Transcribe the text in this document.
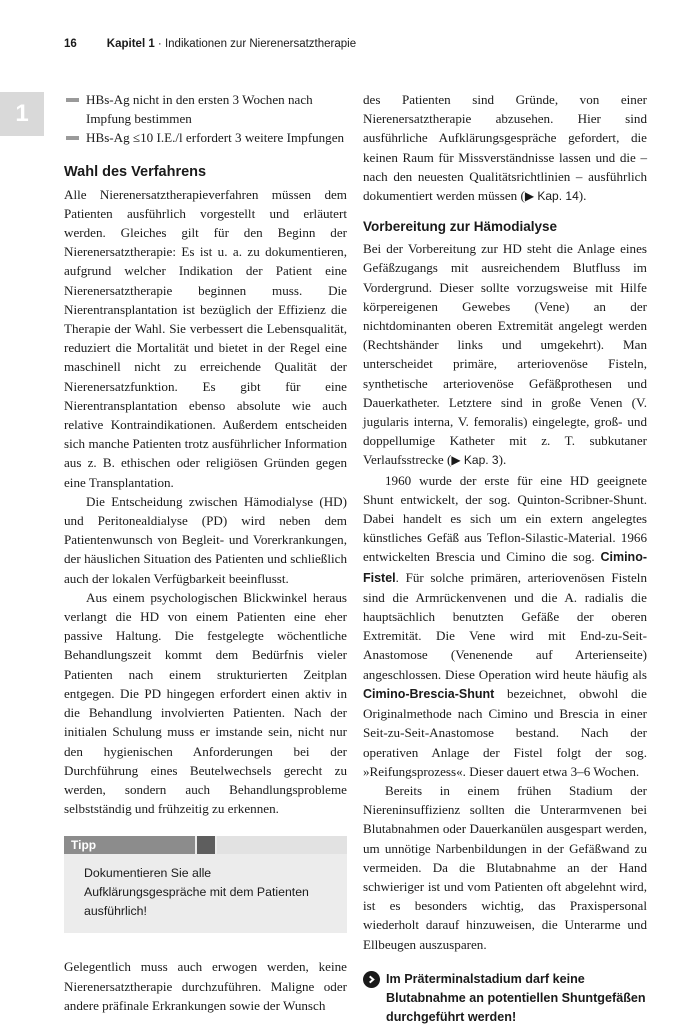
16	Kapitel 1 · Indikationen zur Nierenersatztherapie
1
HBs-Ag nicht in den ersten 3 Wochen nach Impfung bestimmen
HBs-Ag ≤10 I.E./l erfordert 3 weitere Impfungen
Wahl des Verfahrens

Alle Nierenersatztherapieverfahren müssen dem Patienten ausführlich vorgestellt und erläutert werden. Gleiches gilt für den Beginn der Nierenersatztherapie: Es ist u. a. zu dokumentieren, aufgrund welcher Indikation der Patient eine Nierenersatztherapie beginnen muss. Die Nierentransplantation ist bezüglich der Effizienz die Therapie der Wahl. Sie verbessert die Lebensqualität, reduziert die Mortalität und bietet in der Regel eine maschinell nicht zu erreichende Qualität der Nierenersatzfunktion. Es gibt für eine Nierentransplantation ebenso absolute wie auch relative Kontraindikationen. Außerdem entscheiden sich manche Patienten trotz ausführlicher Information aus z. B. ethischen oder religiösen Gründen gegen eine Transplantation.

Die Entscheidung zwischen Hämodialyse (HD) und Peritonealdialyse (PD) wird neben dem Patientenwunsch von Begleit- und Vorerkrankungen, der häuslichen Situation des Patienten und schließlich auch der lokalen Verfügbarkeit beeinflusst.

Aus einem psychologischen Blickwinkel heraus verlangt die HD von einem Patienten eine eher passive Haltung. Die festgelegte wöchentliche Behandlungszeit kommt dem Bedürfnis vieler Patienten nach einem strukturierten Zeitplan entgegen. Die PD hingegen erfordert einen aktiv in die Behandlung involvierten Patienten. Nach der initialen Schulung muss er imstande sein, nicht nur den hygienischen Anforderungen bei der Durchführung eines Beutelwechsels gerecht zu werden, sondern auch Behandlungsprobleme selbstständig und frühzeitig zu erkennen.

Tipp
Dokumentieren Sie alle Aufklärungsgespräche mit dem Patienten ausführlich!

Gelegentlich muss auch erwogen werden, keine Nierenersatztherapie durchzuführen. Maligne oder andere präfinale Erkrankungen sowie der Wunsch

des Patienten sind Gründe, von einer Nierenersatztherapie abzusehen. Hier sind ausführliche Aufklärungsgespräche gefordert, die keinen Raum für Missverständnisse lassen und die – nach den neuesten Qualitätsrichtlinien – ausführlich dokumentiert werden müssen (▶ Kap. 14).

Vorbereitung zur Hämodialyse

Bei der Vorbereitung zur HD steht die Anlage eines Gefäßzugangs mit ausreichendem Blutfluss im Vordergrund. Dieser sollte vorzugsweise mit Hilfe körpereigenen Gewebes (Vene) an der nichtdominanten oberen Extremität angelegt werden (Rechtshänder links und umgekehrt). Man unterscheidet primäre, arteriovenöse Fisteln, synthetische arteriovenöse Gefäßprothesen und Dauerkatheter. Letztere sind in große Venen (V. jugularis interna, V. femoralis) eingelegte, groß- und doppellumige Katheter mit z. T. subkutaner Verlaufsstrecke (▶ Kap. 3).

1960 wurde der erste für eine HD geeignete Shunt entwickelt, der sog. Quinton-Scribner-Shunt. Dabei handelt es sich um ein extern angelegtes künstliches Gefäß aus Teflon-Silastic-Material. 1966 entwickelten Brescia und Cimino die sog. Cimino-Fistel. Für solche primären, arteriovenösen Fisteln sind die Armrückenvenen und die A. radialis die hauptsächlich benutzten Gefäße der oberen Extremität. Die Vene wird mit End-zu-Seit-Anastomose (Venenende auf Arterienseite) angeschlossen. Diese Operation wird heute häufig als Cimino-Brescia-Shunt bezeichnet, obwohl die Originalmethode nach Cimino und Brescia in einer Seit-zu-Seit-Anastomose bestand. Nach der operativen Anlage der Fistel folgt der sog. »Reifungsprozess«. Dieser dauert etwa 3–6 Wochen.

Bereits in einem frühen Stadium der Niereninsuffizienz sollten die Unterarmvenen bei Blutabnahmen oder Dauerkanülen ausgespart werden, um unnötige Narbenbildungen in der Gefäßwand zu vermeiden. Da die Blutabnahme an der Hand schwieriger ist und vom Patienten oft abgelehnt wird, ist es besonders wichtig, das Praxispersonal wiederholt darauf hinzuweisen, die Unterarme und Ellbeugen auszusparen.

Im Präterminalstadium darf keine Blutabnahme an potentiellen Shuntgefäßen durchgeführt werden!
